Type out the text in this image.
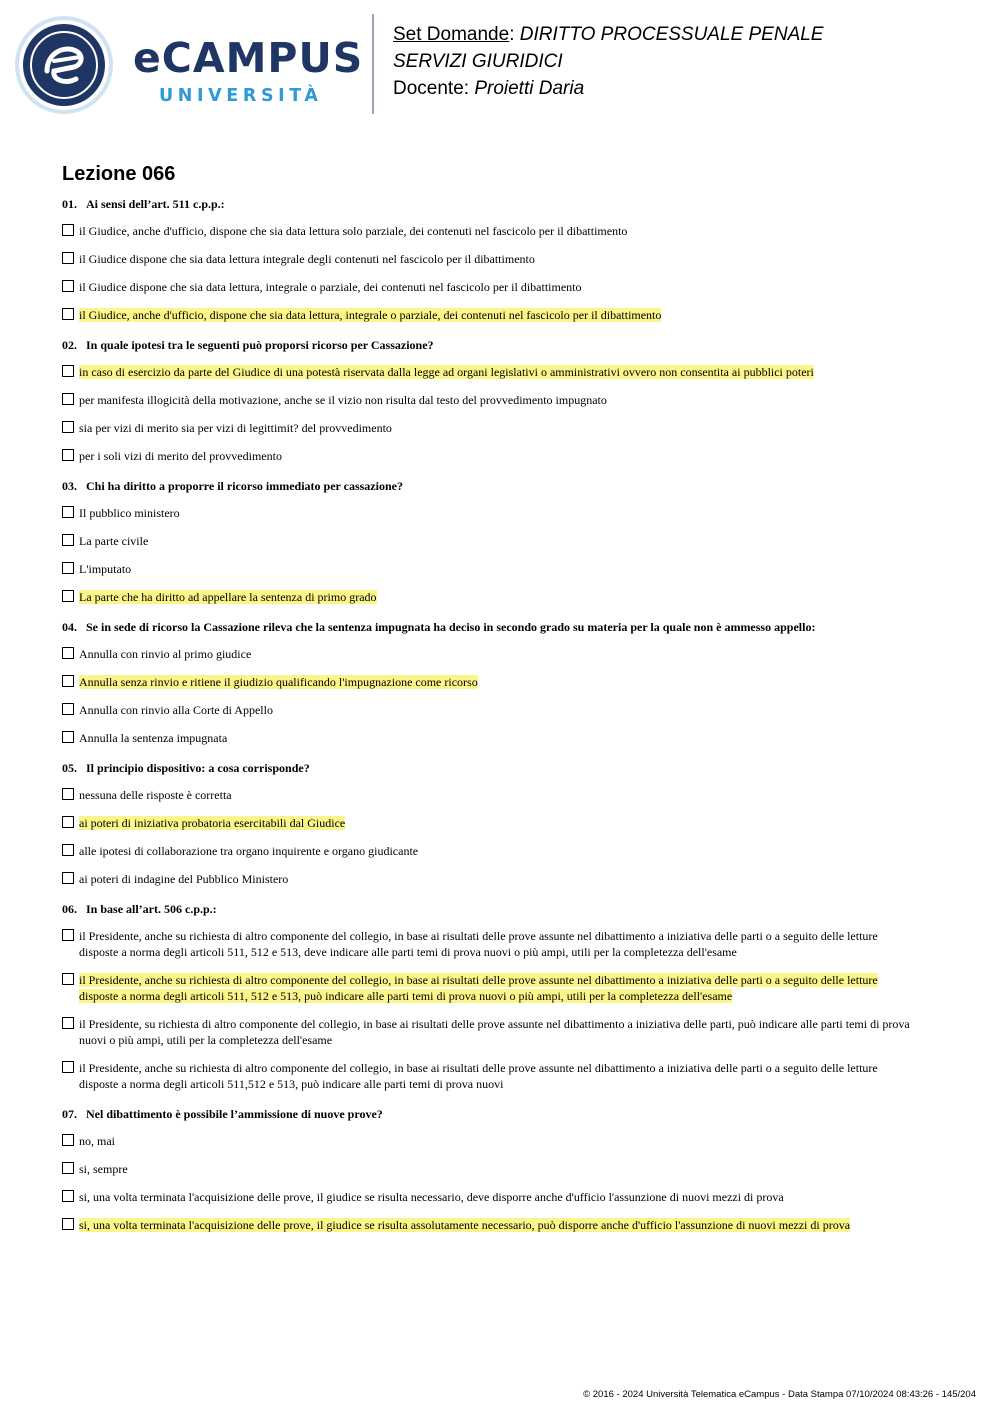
eCAMPUS
UNIVERSITÀ
Set Domande: DIRITTO PROCESSUALE PENALE
SERVIZI GIURIDICI
Docente: Proietti Daria
Lezione 066
01. Ai sensi dell’art. 511 c.p.p.:
il Giudice, anche d'ufficio, dispone che sia data lettura solo parziale, dei contenuti nel fascicolo per il dibattimento
il Giudice dispone che sia data lettura integrale degli contenuti nel fascicolo per il dibattimento
il Giudice dispone che sia data lettura, integrale o parziale, dei contenuti nel fascicolo per il dibattimento
il Giudice, anche d'ufficio, dispone che sia data lettura, integrale o parziale, dei contenuti nel fascicolo per il dibattimento
02. In quale ipotesi tra le seguenti può proporsi ricorso per Cassazione?
in caso di esercizio da parte del Giudice di una potestà riservata dalla legge ad organi legislativi o amministrativi ovvero non consentita ai pubblici poteri
per manifesta illogicità della motivazione, anche se il vizio non risulta dal testo del provvedimento impugnato
sia per vizi di merito sia per vizi di legittimit? del provvedimento
per i soli vizi di merito del provvedimento
03. Chi ha diritto a proporre il ricorso immediato per cassazione?
Il pubblico ministero
La parte civile
L'imputato
La parte che ha diritto ad appellare la sentenza di primo grado
04. Se in sede di ricorso la Cassazione rileva che la sentenza impugnata ha deciso in secondo grado su materia per la quale non è ammesso appello:
Annulla con rinvio al primo giudice
Annulla senza rinvio e ritiene il giudizio qualificando l'impugnazione come ricorso
Annulla con rinvio alla Corte di Appello
Annulla la sentenza impugnata
05. Il principio dispositivo: a cosa corrisponde?
nessuna delle risposte è corretta
ai poteri di iniziativa probatoria esercitabili dal Giudice
alle ipotesi di collaborazione tra organo inquirente e organo giudicante
ai poteri di indagine del Pubblico Ministero
06. In base all’art. 506 c.p.p.:
il Presidente, anche su richiesta di altro componente del collegio, in base ai risultati delle prove assunte nel dibattimento a iniziativa delle parti o a seguito delle letture disposte a norma degli articoli 511, 512 e 513, deve indicare alle parti temi di prova nuovi o più ampi, utili per la completezza dell'esame
il Presidente, anche su richiesta di altro componente del collegio, in base ai risultati delle prove assunte nel dibattimento a iniziativa delle parti o a seguito delle letture disposte a norma degli articoli 511, 512 e 513, può indicare alle parti temi di prova nuovi o più ampi, utili per la completezza dell'esame
il Presidente, su richiesta di altro componente del collegio, in base ai risultati delle prove assunte nel dibattimento a iniziativa delle parti, può indicare alle parti temi di prova nuovi o più ampi, utili per la completezza dell'esame
il Presidente, anche su richiesta di altro componente del collegio, in base ai risultati delle prove assunte nel dibattimento a iniziativa delle parti o a seguito delle letture disposte a norma degli articoli 511,512 e 513, può indicare alle parti temi di prova nuovi
07. Nel dibattimento è possibile l’ammissione di nuove prove?
no, mai
si, sempre
si, una volta terminata l'acquisizione delle prove, il giudice se risulta necessario, deve disporre anche d'ufficio l'assunzione di nuovi mezzi di prova
si, una volta terminata l'acquisizione delle prove, il giudice se risulta assolutamente necessario, può disporre anche d'ufficio l'assunzione di nuovi mezzi di prova
© 2016 - 2024 Università Telematica eCampus - Data Stampa 07/10/2024 08:43:26 - 145/204
